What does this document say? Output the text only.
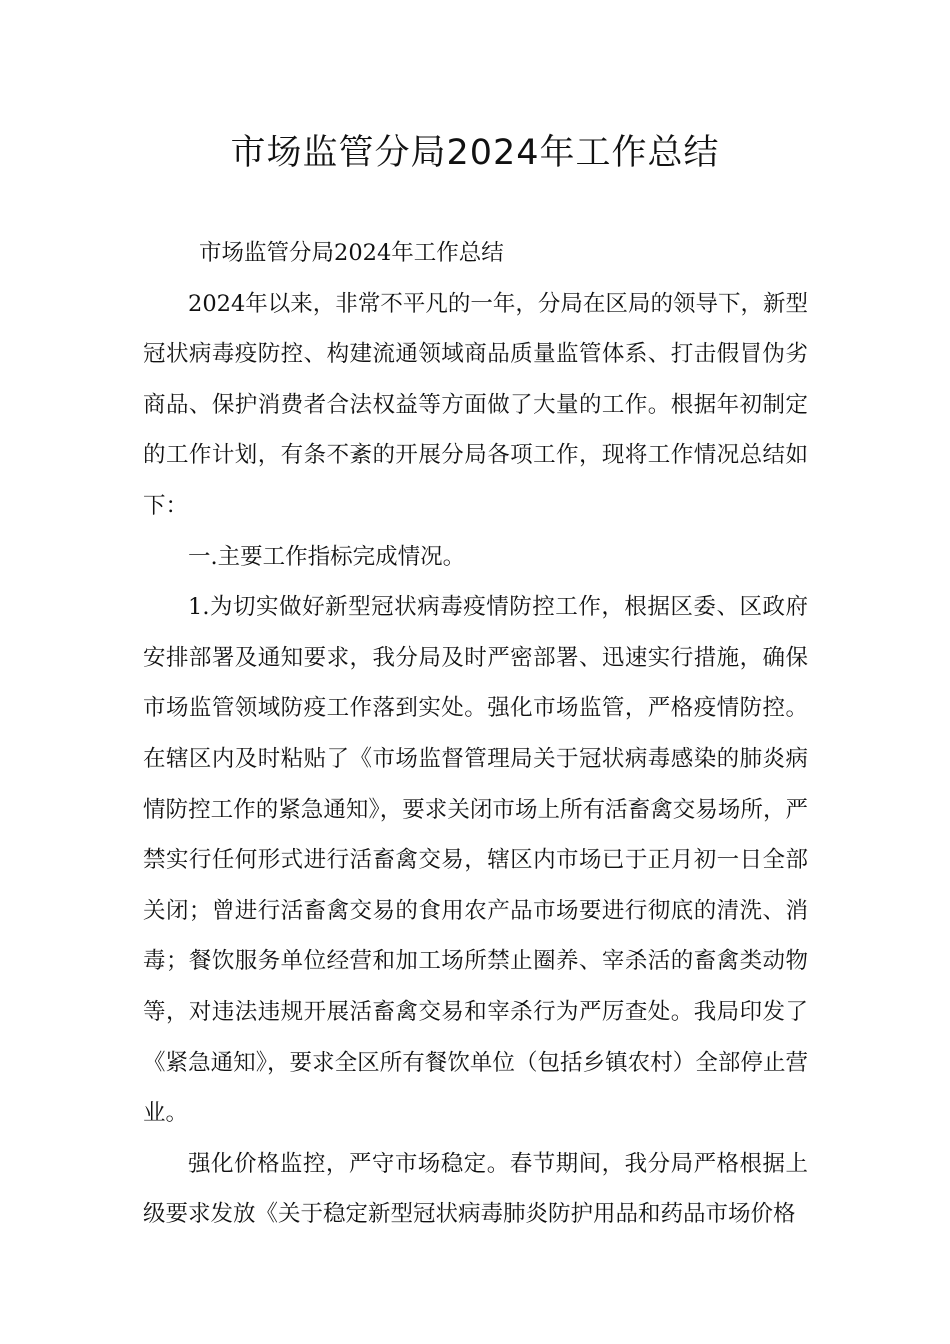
市场监管分局2024年工作总结

市场监管分局2024年工作总结

2024年以来，非常不平凡的一年，分局在区局的领导下，新型冠状病毒疫防控、构建流通领域商品质量监管体系、打击假冒伪劣商品、保护消费者合法权益等方面做了大量的工作。根据年初制定的工作计划，有条不紊的开展分局各项工作，现将工作情况总结如下：

一.主要工作指标完成情况。

1.为切实做好新型冠状病毒疫情防控工作，根据区委、区政府安排部署及通知要求，我分局及时严密部署、迅速实行措施，确保市场监管领域防疫工作落到实处。强化市场监管，严格疫情防控。在辖区内及时粘贴了《市场监督管理局关于冠状病毒感染的肺炎病情防控工作的紧急通知》，要求关闭市场上所有活畜禽交易场所，严禁实行任何形式进行活畜禽交易，辖区内市场已于正月初一日全部关闭；曾进行活畜禽交易的食用农产品市场要进行彻底的清洗、消毒；餐饮服务单位经营和加工场所禁止圈养、宰杀活的畜禽类动物等，对违法违规开展活畜禽交易和宰杀行为严厉查处。我局印发了《紧急通知》，要求全区所有餐饮单位（包括乡镇农村）全部停止营业。

强化价格监控，严守市场稳定。春节期间，我分局严格根据上级要求发放《关于稳定新型冠状病毒肺炎防护用品和药品市场价格
